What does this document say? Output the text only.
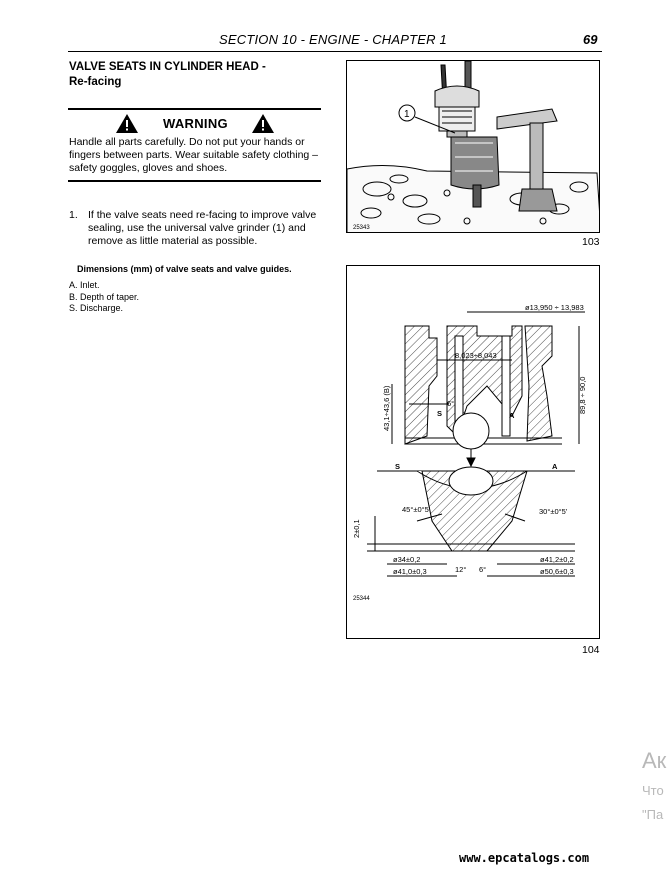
SECTION 10 - ENGINE - CHAPTER 1	69
VALVE SEATS IN CYLINDER HEAD -
Re-facing
WARNING
Handle all parts carefully. Do not put your hands or fingers between parts. Wear suitable safety clothing – safety goggles, gloves and shoes.
1. If the valve seats need re-facing to improve valve sealing, use the universal valve grinder (1) and remove as little material as possible.
Dimensions (mm) of valve seats and valve guides.
A. Inlet.
B. Depth of taper.
S. Discharge.
1
25343
103
ø13,950 ÷ 13,983
8,023÷8,043
89,8 ÷ 90,0
43,1÷43,6 (B)	6°
S	A
S	A
45°±0°5'	30°±0°5'
2±0,1
ø34±0,2
ø41,0±0,3
ø41,2±0,2
ø50,6±0,3
12° 6°
25344
104
Ак
Что
"Па
www.epcatalogs.com
